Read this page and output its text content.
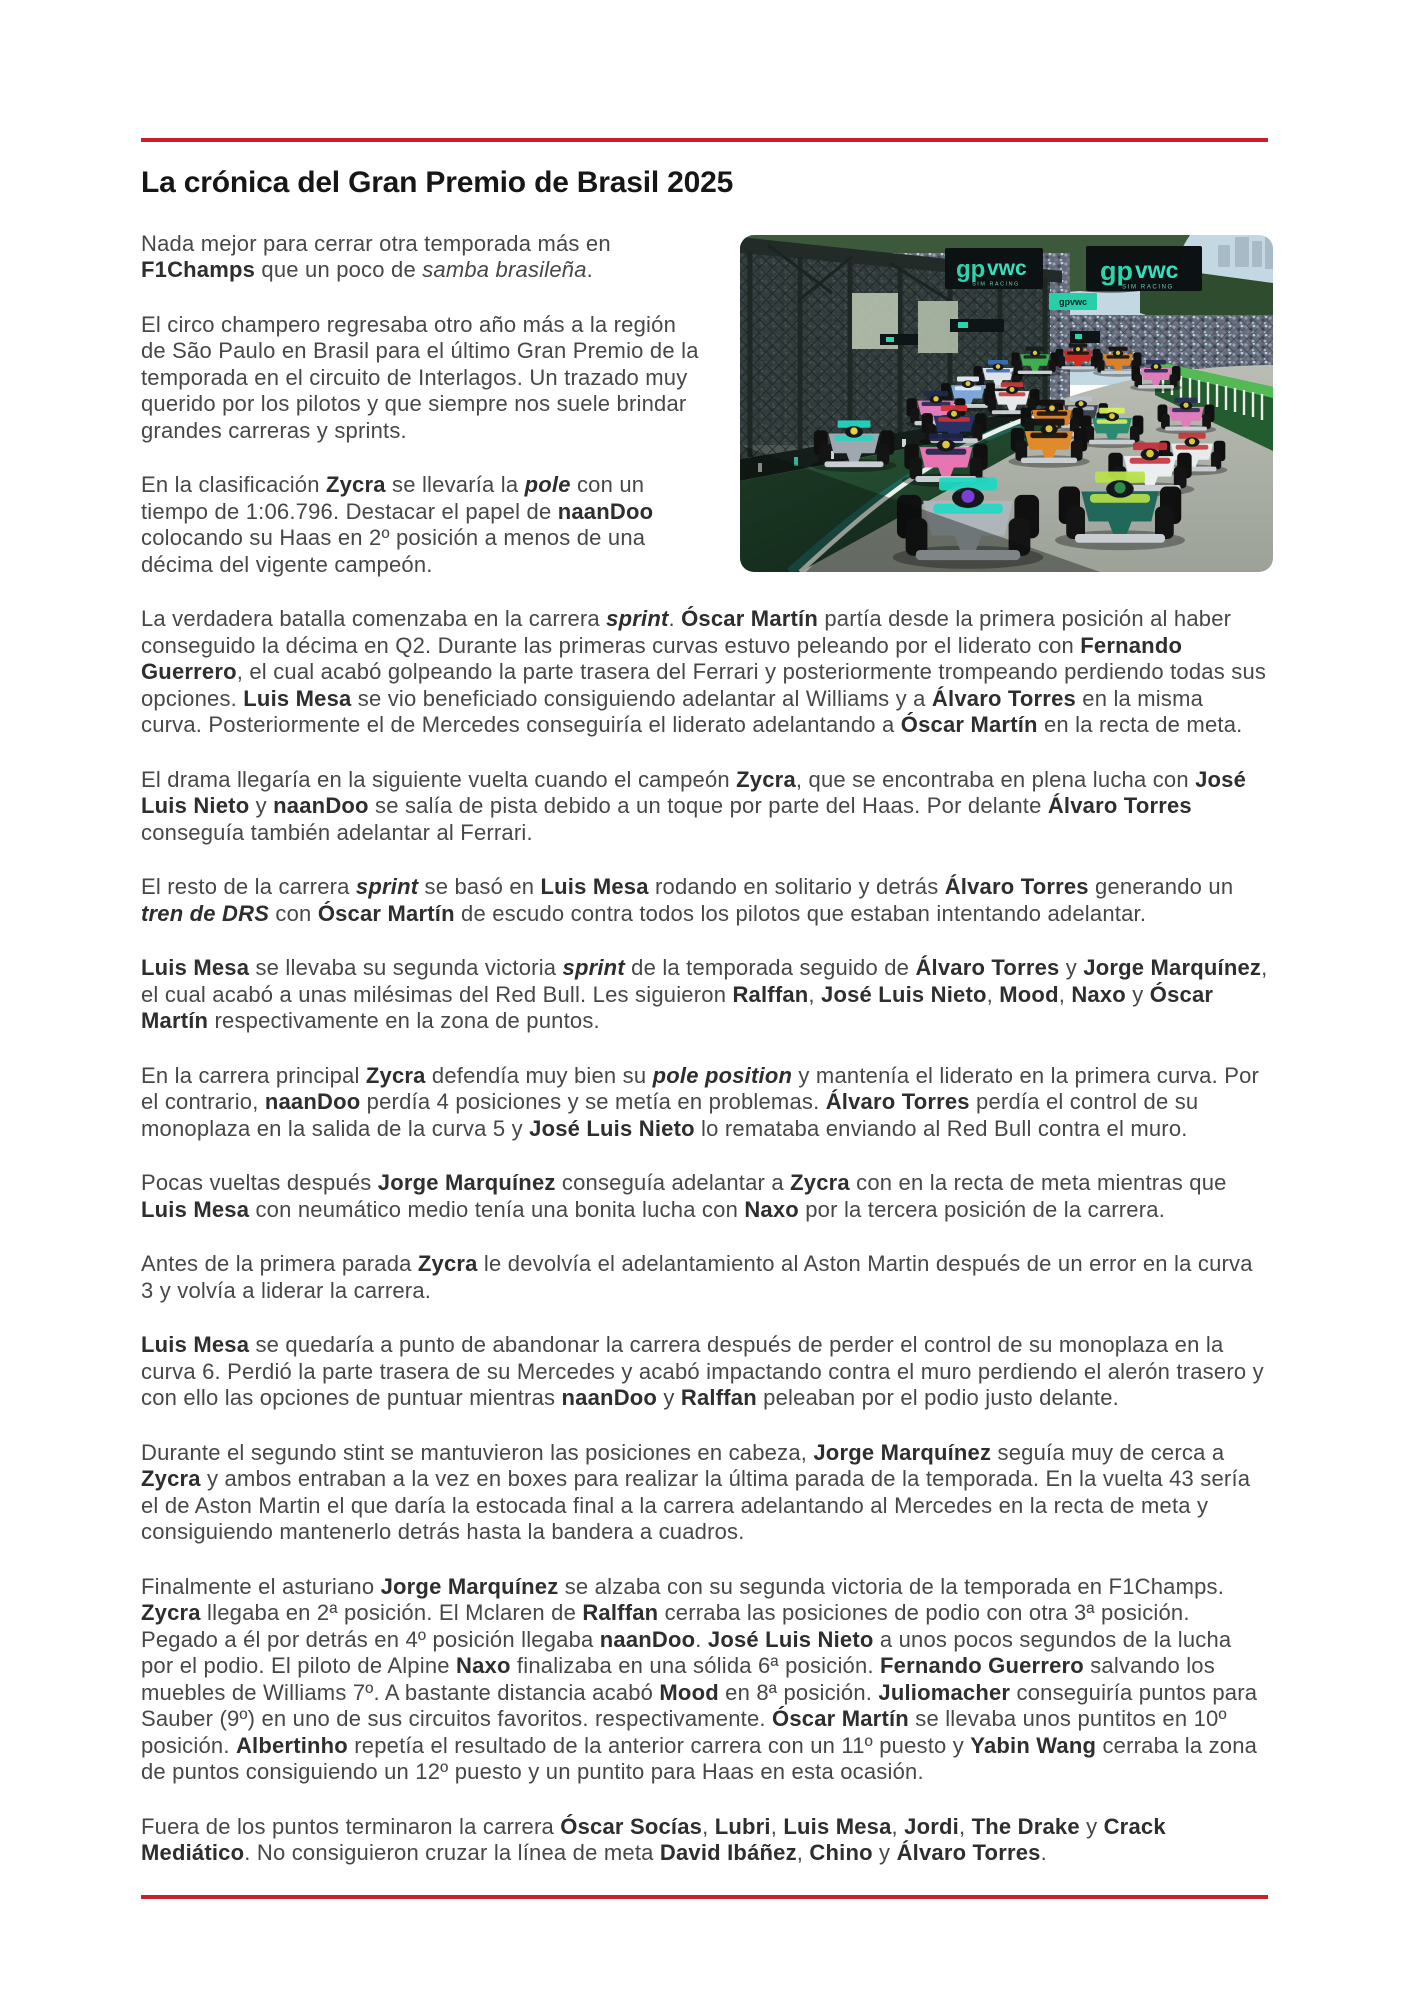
La crónica del Gran Premio de Brasil 2025

Nada mejor para cerrar otra temporada más en F1Champs que un poco de samba brasileña.

El circo champero regresaba otro año más a la región de São Paulo en Brasil para el último Gran Premio de la temporada en el circuito de Interlagos. Un trazado muy querido por los pilotos y que siempre nos suele brindar grandes carreras y sprints.

En la clasificación Zycra se llevaría la pole con un tiempo de 1:06.796. Destacar el papel de naanDoo colocando su Haas en 2º posición a menos de una décima del vigente campeón.

gp vwc
SIM RACING	gp vwc
SIM RACING
gpvwc

La verdadera batalla comenzaba en la carrera sprint. Óscar Martín partía desde la primera posición al haber conseguido la décima en Q2. Durante las primeras curvas estuvo peleando por el liderato con Fernando Guerrero, el cual acabó golpeando la parte trasera del Ferrari y posteriormente trompeando perdiendo todas sus opciones. Luis Mesa se vio beneficiado consiguiendo adelantar al Williams y a Álvaro Torres en la misma curva. Posteriormente el de Mercedes conseguiría el liderato adelantando a Óscar Martín en la recta de meta.

El drama llegaría en la siguiente vuelta cuando el campeón Zycra, que se encontraba en plena lucha con José Luis Nieto y naanDoo se salía de pista debido a un toque por parte del Haas. Por delante Álvaro Torres conseguía también adelantar al Ferrari.

El resto de la carrera sprint se basó en Luis Mesa rodando en solitario y detrás Álvaro Torres generando un tren de DRS con Óscar Martín de escudo contra todos los pilotos que estaban intentando adelantar.

Luis Mesa se llevaba su segunda victoria sprint de la temporada seguido de Álvaro Torres y Jorge Marquínez, el cual acabó a unas milésimas del Red Bull. Les siguieron Ralffan, José Luis Nieto, Mood, Naxo y Óscar Martín respectivamente en la zona de puntos.

En la carrera principal Zycra defendía muy bien su pole position y mantenía el liderato en la primera curva. Por el contrario, naanDoo perdía 4 posiciones y se metía en problemas. Álvaro Torres perdía el control de su monoplaza en la salida de la curva 5 y José Luis Nieto lo remataba enviando al Red Bull contra el muro.

Pocas vueltas después Jorge Marquínez conseguía adelantar a Zycra con en la recta de meta mientras que Luis Mesa con neumático medio tenía una bonita lucha con Naxo por la tercera posición de la carrera.

Antes de la primera parada Zycra le devolvía el adelantamiento al Aston Martin después de un error en la curva 3 y volvía a liderar la carrera.

Luis Mesa se quedaría a punto de abandonar la carrera después de perder el control de su monoplaza en la curva 6. Perdió la parte trasera de su Mercedes y acabó impactando contra el muro perdiendo el alerón trasero y con ello las opciones de puntuar mientras naanDoo y Ralffan peleaban por el podio justo delante.

Durante el segundo stint se mantuvieron las posiciones en cabeza, Jorge Marquínez seguía muy de cerca a Zycra y ambos entraban a la vez en boxes para realizar la última parada de la temporada. En la vuelta 43 sería el de Aston Martin el que daría la estocada final a la carrera adelantando al Mercedes en la recta de meta y consiguiendo mantenerlo detrás hasta la bandera a cuadros.

Finalmente el asturiano Jorge Marquínez se alzaba con su segunda victoria de la temporada en F1Champs. Zycra llegaba en 2ª posición. El Mclaren de Ralffan cerraba las posiciones de podio con otra 3ª posición. Pegado a él por detrás en 4º posición llegaba naanDoo. José Luis Nieto a unos pocos segundos de la lucha por el podio. El piloto de Alpine Naxo finalizaba en una sólida 6ª posición. Fernando Guerrero salvando los muebles de Williams 7º. A bastante distancia acabó Mood en 8ª posición. Juliomacher conseguiría puntos para Sauber (9º) en uno de sus circuitos favoritos. respectivamente. Óscar Martín se llevaba unos puntitos en 10º posición. Albertinho repetía el resultado de la anterior carrera con un 11º puesto y Yabin Wang cerraba la zona de puntos consiguiendo un 12º puesto y un puntito para Haas en esta ocasión.

Fuera de los puntos terminaron la carrera Óscar Socías, Lubri, Luis Mesa, Jordi, The Drake y Crack Mediático. No consiguieron cruzar la línea de meta David Ibáñez, Chino y Álvaro Torres.
